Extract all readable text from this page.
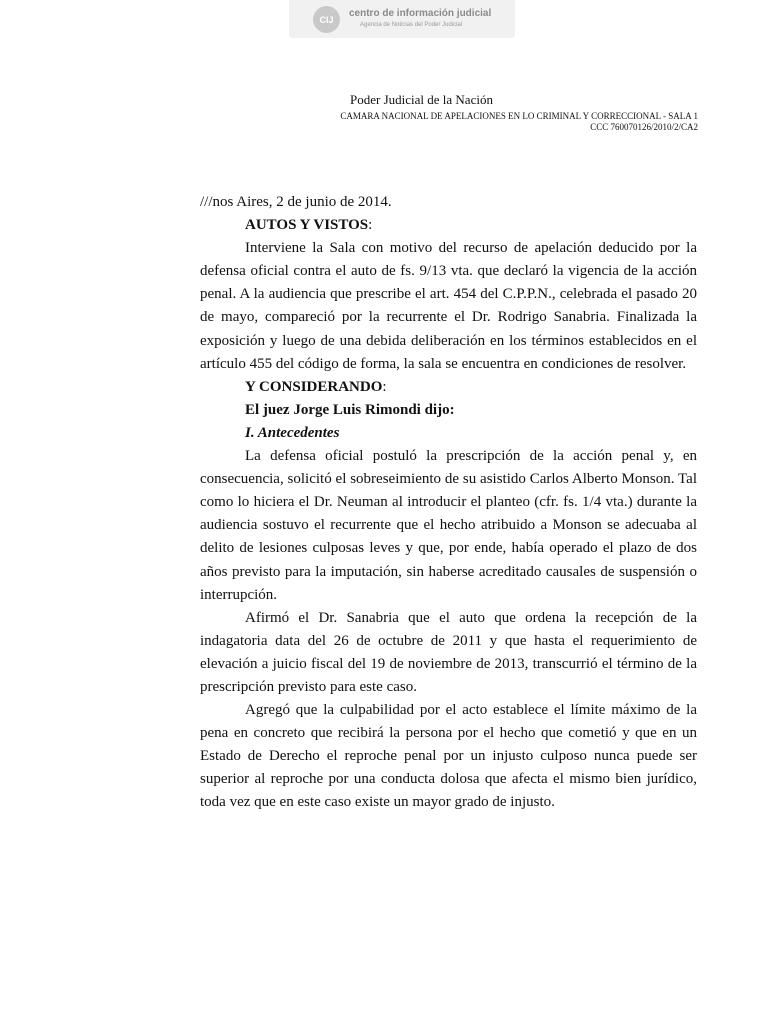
CIJ
centro de información judicial
Agencia de Noticias del Poder Judicial
Poder Judicial de la Nación
CAMARA NACIONAL DE APELACIONES EN LO CRIMINAL Y CORRECCIONAL - SALA 1
CCC 760070126/2010/2/CA2

///nos Aires, 2 de junio de 2014.

AUTOS Y VISTOS:

Interviene la Sala con motivo del recurso de apelación deducido por la defensa oficial contra el auto de fs. 9/13 vta. que declaró la vigencia de la acción penal. A la audiencia que prescribe el art. 454 del C.P.P.N., celebrada el pasado 20 de mayo, compareció por la recurrente el Dr. Rodrigo Sanabria. Finalizada la exposición y luego de una debida deliberación en los términos establecidos en el artículo 455 del código de forma, la sala se encuentra en condiciones de resolver.

Y CONSIDERANDO:

El juez Jorge Luis Rimondi dijo:

I. Antecedentes

La defensa oficial postuló la prescripción de la acción penal y, en consecuencia, solicitó el sobreseimiento de su asistido Carlos Alberto Monson. Tal como lo hiciera el Dr. Neuman al introducir el planteo (cfr. fs. 1/4 vta.) durante la audiencia sostuvo el recurrente que el hecho atribuido a Monson se adecuaba al delito de lesiones culposas leves y que, por ende, había operado el plazo de dos años previsto para la imputación, sin haberse acreditado causales de suspensión o interrupción.

Afirmó el Dr. Sanabria que el auto que ordena la recepción de la indagatoria data del 26 de octubre de 2011 y que hasta el requerimiento de elevación a juicio fiscal del 19 de noviembre de 2013, transcurrió el término de la prescripción previsto para este caso.

Agregó que la culpabilidad por el acto establece el límite máximo de la pena en concreto que recibirá la persona por el hecho que cometió y que en un Estado de Derecho el reproche penal por un injusto culposo nunca puede ser superior al reproche por una conducta dolosa que afecta el mismo bien jurídico, toda vez que en este caso existe un mayor grado de injusto.
